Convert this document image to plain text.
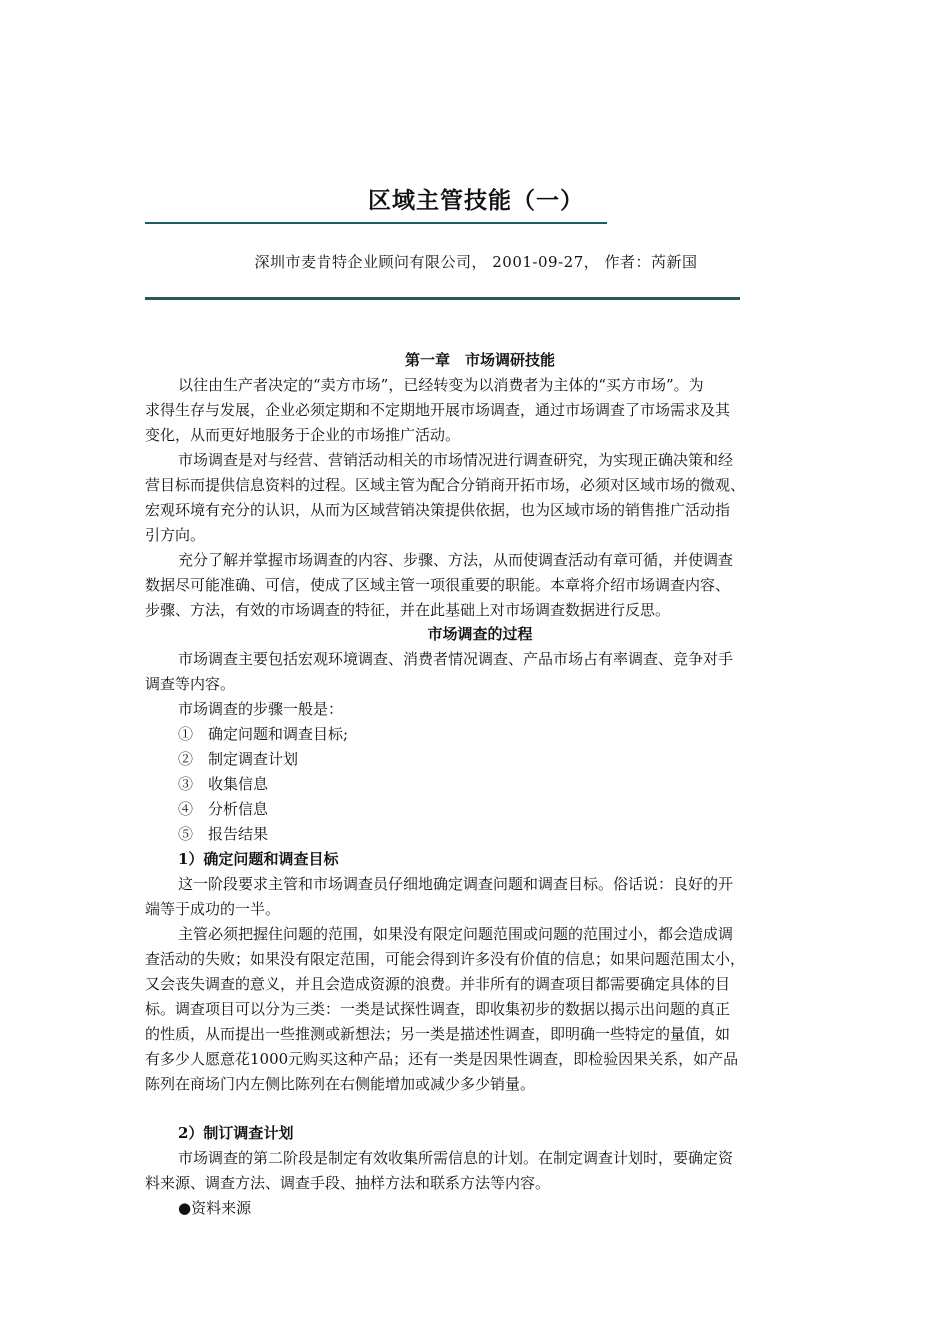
区域主管技能（一）
深圳市麦肯特企业顾问有限公司， 2001-09-27， 作者：芮新国
第一章　市场调研技能
以往由生产者决定的“卖方市场”，已经转变为以消费者为主体的“买方市场”。为
求得生存与发展，企业必须定期和不定期地开展市场调查，通过市场调查了市场需求及其
变化，从而更好地服务于企业的市场推广活动。
市场调查是对与经营、营销活动相关的市场情况进行调查研究，为实现正确决策和经
营目标而提供信息资料的过程。区域主管为配合分销商开拓市场，必须对区域市场的微观、
宏观环境有充分的认识，从而为区域营销决策提供依据，也为区域市场的销售推广活动指
引方向。
充分了解并掌握市场调查的内容、步骤、方法，从而使调查活动有章可循，并使调查
数据尽可能准确、可信，使成了区域主管一项很重要的职能。本章将介绍市场调查内容、
步骤、方法，有效的市场调查的特征，并在此基础上对市场调查数据进行反思。
市场调查的过程
市场调查主要包括宏观环境调查、消费者情况调查、产品市场占有率调查、竞争对手
调查等内容。
市场调查的步骤一般是：
①　确定问题和调查目标;
②　制定调查计划
③　收集信息
④　分析信息
⑤　报告结果
1）确定问题和调查目标
这一阶段要求主管和市场调查员仔细地确定调查问题和调查目标。俗话说：良好的开
端等于成功的一半。
主管必须把握住问题的范围，如果没有限定问题范围或问题的范围过小，都会造成调
查活动的失败；如果没有限定范围，可能会得到许多没有价值的信息；如果问题范围太小，
又会丧失调查的意义，并且会造成资源的浪费。并非所有的调查项目都需要确定具体的目
标。调查项目可以分为三类：一类是试探性调查，即收集初步的数据以揭示出问题的真正
的性质，从而提出一些推测或新想法；另一类是描述性调查，即明确一些特定的量值，如
有多少人愿意花1000元购买这种产品；还有一类是因果性调查，即检验因果关系，如产品
陈列在商场门内左侧比陈列在右侧能增加或减少多少销量。
2）制订调查计划
市场调查的第二阶段是制定有效收集所需信息的计划。在制定调查计划时，要确定资
料来源、调查方法、调查手段、抽样方法和联系方法等内容。
●资料来源
